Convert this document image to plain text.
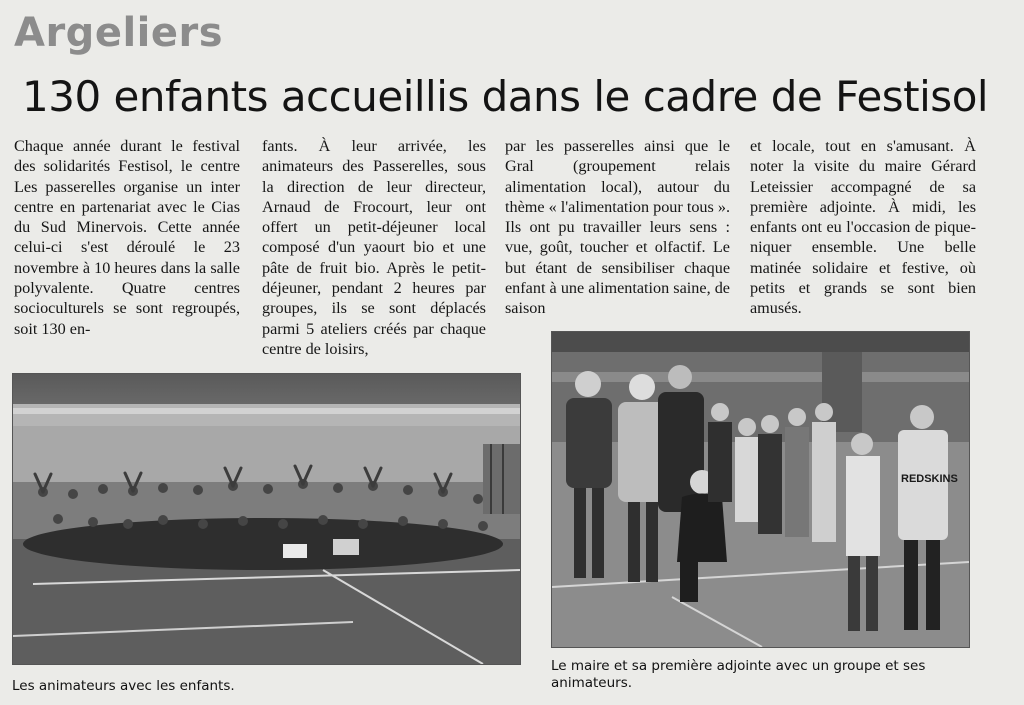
Argeliers
130 enfants accueillis dans le cadre de Festisol

Chaque année durant le festival des solidarités Festisol, le centre Les passerelles organise un inter centre en partenariat avec le Cias du Sud Minervois. Cette année celui-ci s'est déroulé le 23 novembre à 10 heures dans la salle polyvalente. Quatre centres socioculturels se sont regroupés, soit 130 en-

fants. À leur arrivée, les animateurs des Passerelles, sous la direction de leur directeur, Arnaud de Frocourt, leur ont offert un petit-déjeuner local composé d'un yaourt bio et une pâte de fruit bio. Après le petit-déjeuner, pendant 2 heures par groupes, ils se sont déplacés parmi 5 ateliers créés par chaque centre de loisirs,

par les passerelles ainsi que le Gral (groupement relais alimentation local), autour du thème « l'alimentation pour tous ». Ils ont pu travailler leurs sens : vue, goût, toucher et olfactif. Le but étant de sensibiliser chaque enfant à une alimentation saine, de saison

et locale, tout en s'amusant. À noter la visite du maire Gérard Leteissier accompagné de sa première adjointe. À midi, les enfants ont eu l'occasion de pique-niquer ensemble. Une belle matinée solidaire et festive, où petits et grands se sont bien amusés.

Les animateurs avec les enfants.
REDSKINS
Le maire et sa première adjointe avec un groupe et ses animateurs.
